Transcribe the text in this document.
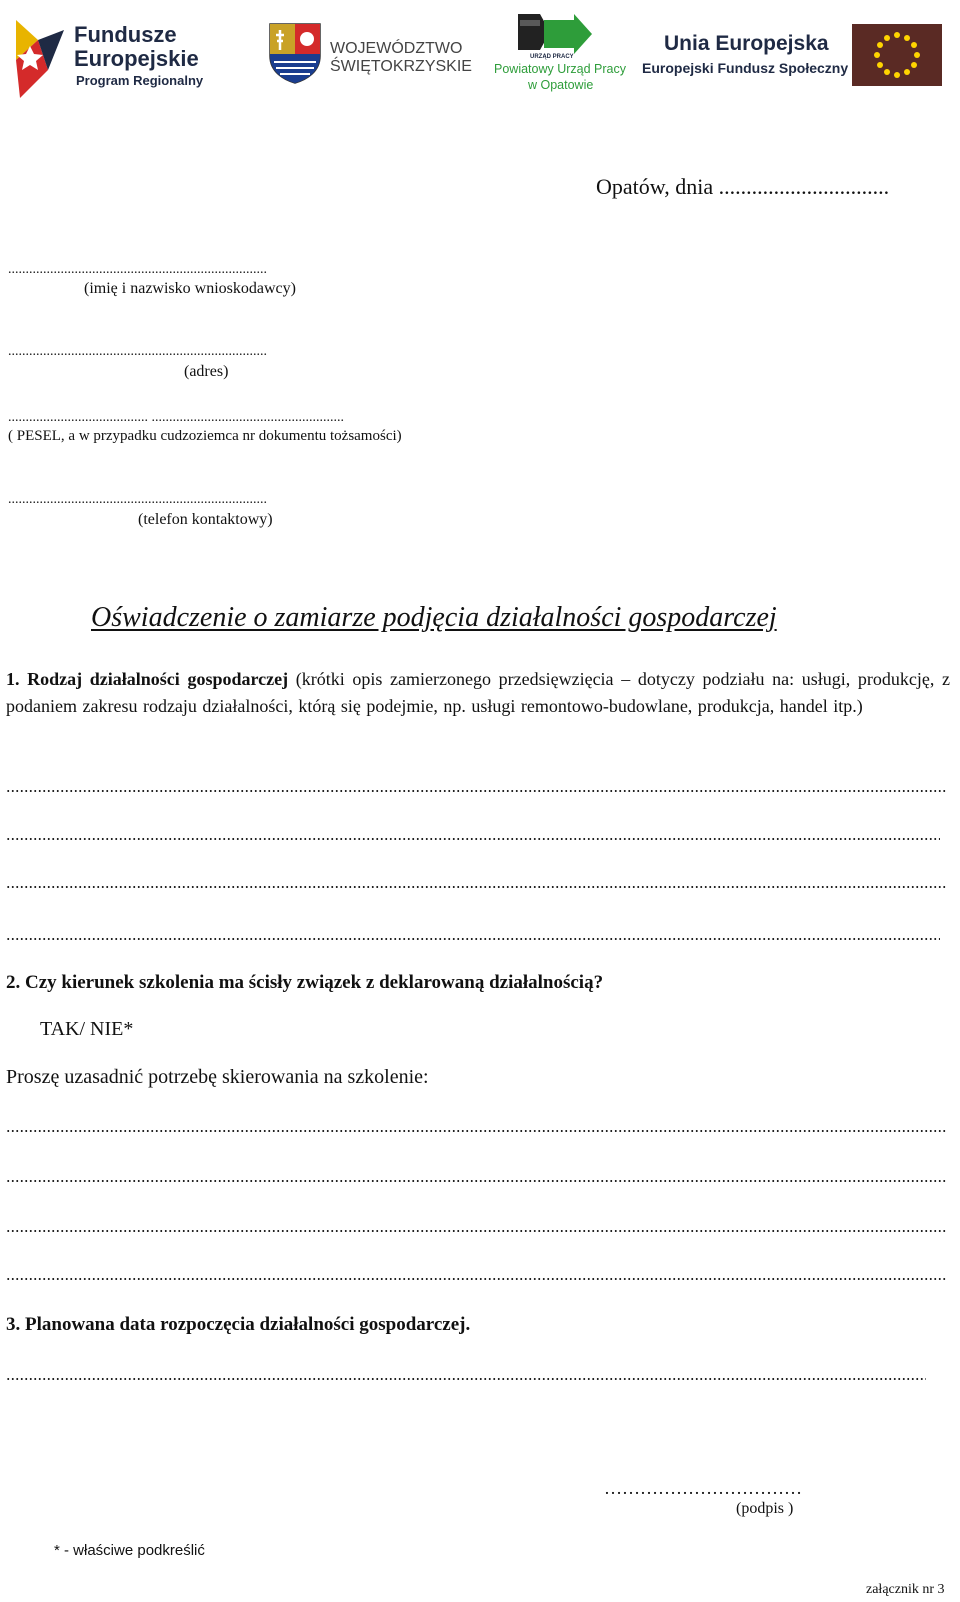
Fundusze
Europejskie
Program Regionalny
WOJEWÓDZTWO
ŚWIĘTOKRZYSKIE
URZĄD PRACY
Powiatowy Urząd Pracy
w Opatowie
Unia Europejska
Europejski Fundusz Społeczny
Opatów, dnia ...............................
..........................................................................
(imię i nazwisko wnioskodawcy)
..........................................................................
(adres)
........................................ .......................................................
( PESEL, a w przypadku cudzoziemca nr dokumentu tożsamości)
..........................................................................
(telefon kontaktowy)
Oświadczenie o zamiarze podjęcia działalności gospodarczej
1. Rodzaj działalności gospodarczej (krótki opis zamierzonego przedsięwzięcia – dotyczy podziału na: usługi, produkcję, z podaniem zakresu rodzaju działalności, którą się podejmie, np. usługi remontowo-budowlane, produkcja, handel itp.)
2. Czy kierunek szkolenia ma ścisły związek z deklarowaną działalnością?
TAK/ NIE*
Proszę uzasadnić potrzebę skierowania na szkolenie:
3. Planowana data rozpoczęcia działalności gospodarczej.
……………………………
(podpis )
* - właściwe podkreślić
załącznik nr 3
